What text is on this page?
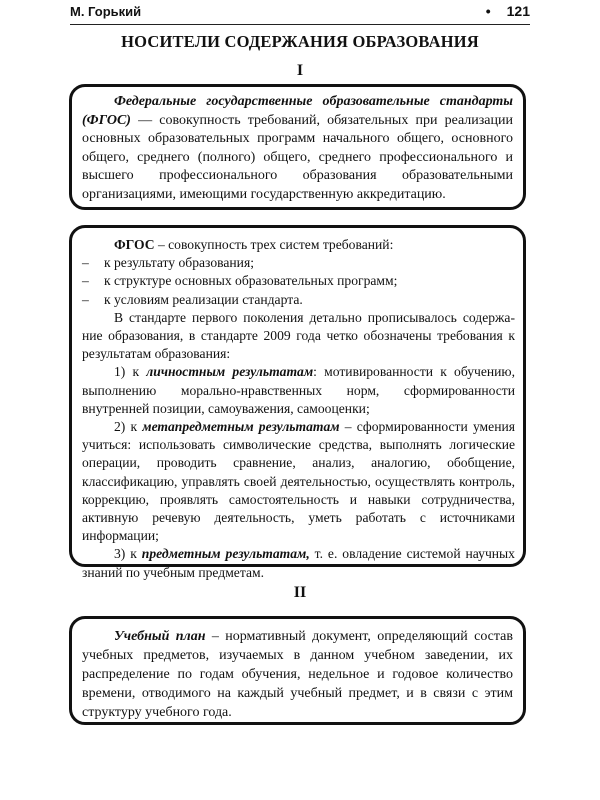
М. Горький	• 121
НОСИТЕЛИ СОДЕРЖАНИЯ ОБРАЗОВАНИЯ
I

Федеральные государственные образовательные стандарты (ФГОС) — совокупность требований, обязательных при реализации основных образовательных программ начального общего, основного общего, среднего (полного) общего, среднего профессионального и высшего профессионального образования образовательными организациями, имеющими государственную аккредитацию.

ФГОС – совокупность трех систем требований:

–	к результату образования;
–	к структуре основных образовательных программ;
–	к условиям реализации стандарта.

В стандарте первого поколения детально прописывалось содержание образования, в стандарте 2009 года четко обозначены требования к результатам образования:

1) к личностным результатам: мотивированности к обучению, выполнению морально-нравственных норм, сформированности внутренней позиции, самоуважения, самооценки;

2) к метапредметным результатам – сформированности умения учиться: использовать символические средства, выполнять логические операции, проводить сравнение, анализ, аналогию, обобщение, классификацию, управлять своей деятельностью, осуществлять контроль, коррекцию, проявлять самостоятельность и навыки сотрудничества, активную речевую деятельность, уметь работать с источниками информации;

3) к предметным результатам, т. е. овладение системой научных знаний по учебным предметам.

II

Учебный план – нормативный документ, определяющий состав учебных предметов, изучаемых в данном учебном заведении, их распределение по годам обучения, недельное и годовое количество времени, отводимого на каждый учебный предмет, и в связи с этим структуру учебного года.
